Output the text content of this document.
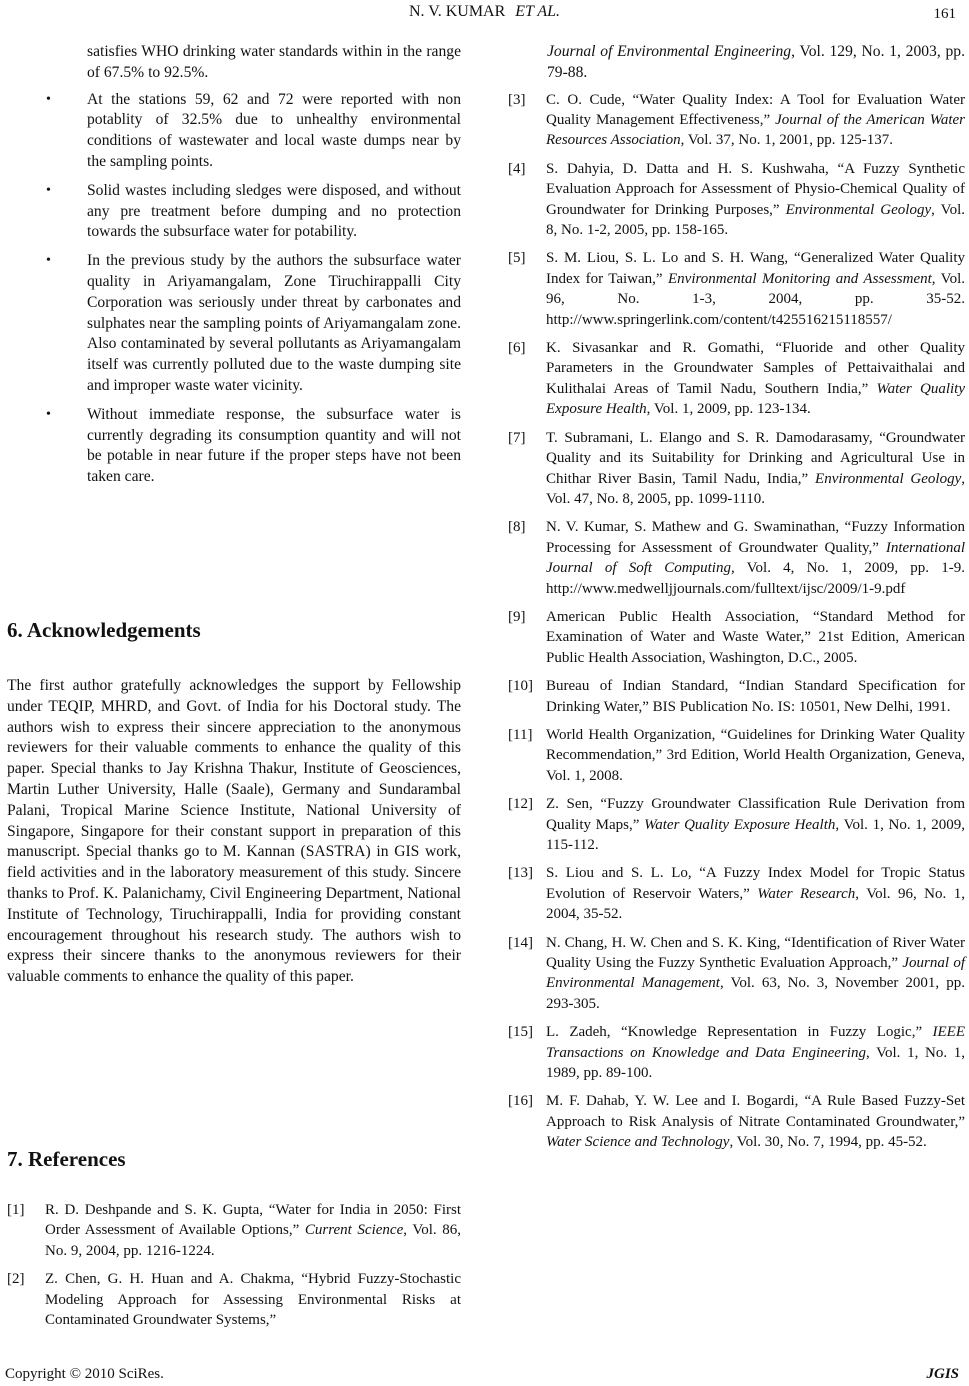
N. V. KUMAR ET AL.	161

satisfies WHO drinking water standards within in the range of 67.5% to 92.5%.

• At the stations 59, 62 and 72 were reported with non potablity of 32.5% due to unhealthy environmental conditions of wastewater and local waste dumps near by the sampling points.

• Solid wastes including sledges were disposed, and without any pre treatment before dumping and no protection towards the subsurface water for potability.

• In the previous study by the authors the subsurface water quality in Ariyamangalam, Zone Tiruchirappalli City Corporation was seriously under threat by carbonates and sulphates near the sampling points of Ariyamangalam zone. Also contaminated by several pollutants as Ariyamangalam itself was currently polluted due to the waste dumping site and improper waste water vicinity.

• Without immediate response, the subsurface water is currently degrading its consumption quantity and will not be potable in near future if the proper steps have not been taken care.

6. Acknowledgements

The first author gratefully acknowledges the support by Fellowship under TEQIP, MHRD, and Govt. of India for his Doctoral study. The authors wish to express their sincere appreciation to the anonymous reviewers for their valuable comments to enhance the quality of this paper. Special thanks to Jay Krishna Thakur, Institute of Geosciences, Martin Luther University, Halle (Saale), Germany and Sundarambal Palani, Tropical Marine Science Institute, National University of Singapore, Singapore for their constant support in preparation of this manuscript. Special thanks go to M. Kannan (SASTRA) in GIS work, field activities and in the laboratory measurement of this study. Sincere thanks to Prof. K. Palanichamy, Civil Engineering Department, National Institute of Technology, Tiruchirappalli, India for providing constant encouragement throughout his research study. The authors wish to express their sincere thanks to the anonymous reviewers for their valuable comments to enhance the quality of this paper.

7. References

[1] R. D. Deshpande and S. K. Gupta, “Water for India in 2050: First Order Assessment of Available Options,” Current Science, Vol. 86, No. 9, 2004, pp. 1216-1224.

[2] Z. Chen, G. H. Huan and A. Chakma, “Hybrid Fuzzy-Stochastic Modeling Approach for Assessing Environmental Risks at Contaminated Groundwater Systems,”

Journal of Environmental Engineering, Vol. 129, No. 1, 2003, pp. 79-88.

[3] C. O. Cude, “Water Quality Index: A Tool for Evaluation Water Quality Management Effectiveness,” Journal of the American Water Resources Association, Vol. 37, No. 1, 2001, pp. 125-137.

[4] S. Dahyia, D. Datta and H. S. Kushwaha, “A Fuzzy Synthetic Evaluation Approach for Assessment of Physio-Chemical Quality of Groundwater for Drinking Purposes,” Environmental Geology, Vol. 8, No. 1-2, 2005, pp. 158-165.

[5] S. M. Liou, S. L. Lo and S. H. Wang, “Generalized Water Quality Index for Taiwan,” Environmental Monitoring and Assessment, Vol. 96, No. 1-3, 2004, pp. 35-52. http://www.springerlink.com/content/t425516215118557/

[6] K. Sivasankar and R. Gomathi, “Fluoride and other Quality Parameters in the Groundwater Samples of Pettaivaithalai and Kulithalai Areas of Tamil Nadu, Southern India,” Water Quality Exposure Health, Vol. 1, 2009, pp. 123-134.

[7] T. Subramani, L. Elango and S. R. Damodarasamy, “Groundwater Quality and its Suitability for Drinking and Agricultural Use in Chithar River Basin, Tamil Nadu, India,” Environmental Geology, Vol. 47, No. 8, 2005, pp. 1099-1110.

[8] N. V. Kumar, S. Mathew and G. Swaminathan, “Fuzzy Information Processing for Assessment of Groundwater Quality,” International Journal of Soft Computing, Vol. 4, No. 1, 2009, pp. 1-9. http://www.medwelljjournals.com/fulltext/ijsc/2009/1-9.pdf

[9] American Public Health Association, “Standard Method for Examination of Water and Waste Water,” 21st Edition, American Public Health Association, Washington, D.C., 2005.

[10] Bureau of Indian Standard, “Indian Standard Specification for Drinking Water,” BIS Publication No. IS: 10501, New Delhi, 1991.

[11] World Health Organization, “Guidelines for Drinking Water Quality Recommendation,” 3rd Edition, World Health Organization, Geneva, Vol. 1, 2008.

[12] Z. Sen, “Fuzzy Groundwater Classification Rule Derivation from Quality Maps,” Water Quality Exposure Health, Vol. 1, No. 1, 2009, 115-112.

[13] S. Liou and S. L. Lo, “A Fuzzy Index Model for Tropic Status Evolution of Reservoir Waters,” Water Research, Vol. 96, No. 1, 2004, 35-52.

[14] N. Chang, H. W. Chen and S. K. King, “Identification of River Water Quality Using the Fuzzy Synthetic Evaluation Approach,” Journal of Environmental Management, Vol. 63, No. 3, November 2001, pp. 293-305.

[15] L. Zadeh, “Knowledge Representation in Fuzzy Logic,” IEEE Transactions on Knowledge and Data Engineering, Vol. 1, No. 1, 1989, pp. 89-100.

[16] M. F. Dahab, Y. W. Lee and I. Bogardi, “A Rule Based Fuzzy-Set Approach to Risk Analysis of Nitrate Contaminated Groundwater,” Water Science and Technology, Vol. 30, No. 7, 1994, pp. 45-52.

Copyright © 2010 SciRes.	JGIS
